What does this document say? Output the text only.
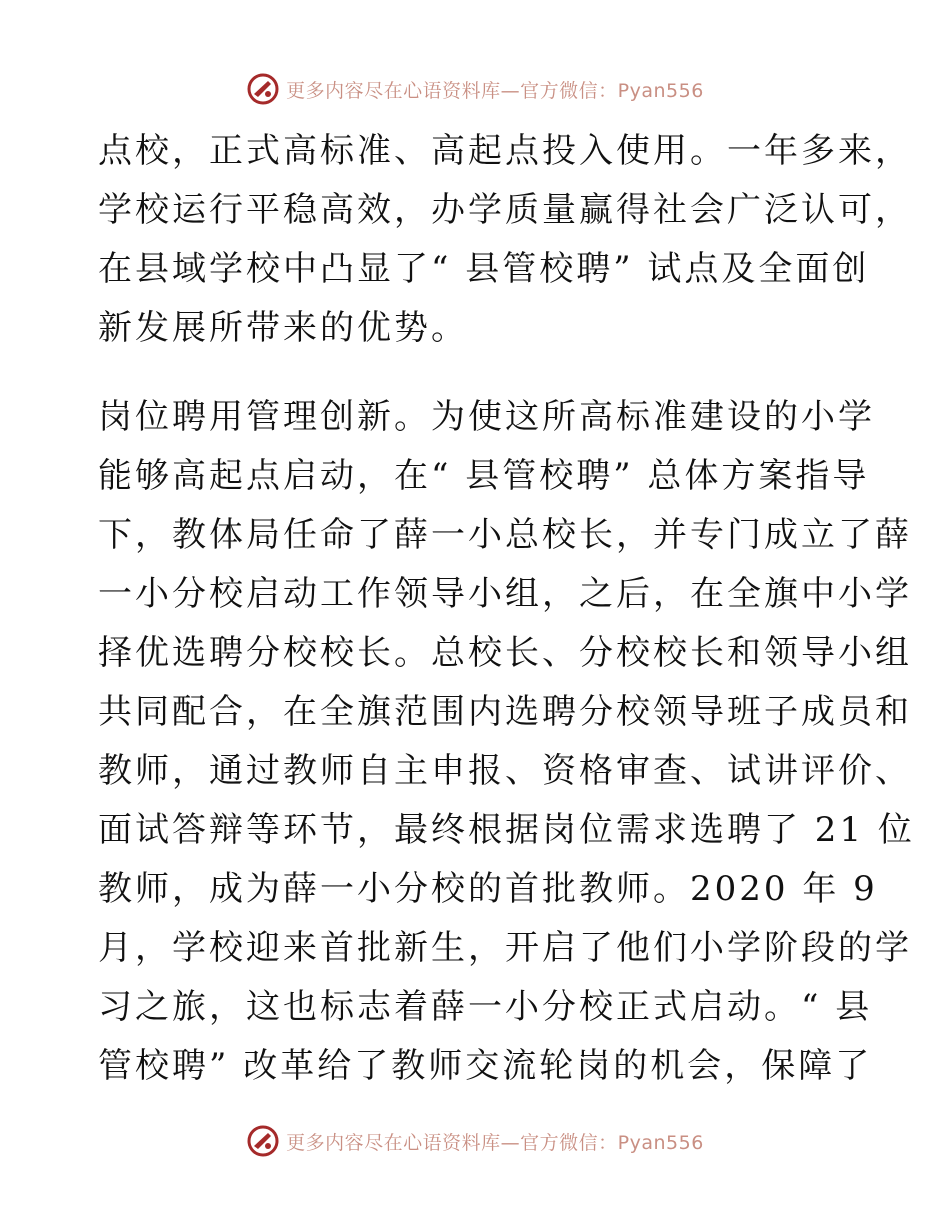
更多内容尽在心语资料库—官方微信：Pyan556
点校，正式高标准、高起点投入使用。一年多来，
学校运行平稳高效，办学质量赢得社会广泛认可，
在县域学校中凸显了“ 县管校聘” 试点及全面创
新发展所带来的优势。
岗位聘用管理创新。为使这所高标准建设的小学
能够高起点启动，在“ 县管校聘” 总体方案指导
下，教体局任命了薛一小总校长，并专门成立了薛
一小分校启动工作领导小组，之后，在全旗中小学
择优选聘分校校长。总校长、分校校长和领导小组
共同配合，在全旗范围内选聘分校领导班子成员和
教师，通过教师自主申报、资格审查、试讲评价、
面试答辩等环节，最终根据岗位需求选聘了 21 位
教师，成为薛一小分校的首批教师。2020 年 9
月，学校迎来首批新生，开启了他们小学阶段的学
习之旅，这也标志着薛一小分校正式启动。“ 县
管校聘” 改革给了教师交流轮岗的机会，保障了
更多内容尽在心语资料库—官方微信：Pyan556
